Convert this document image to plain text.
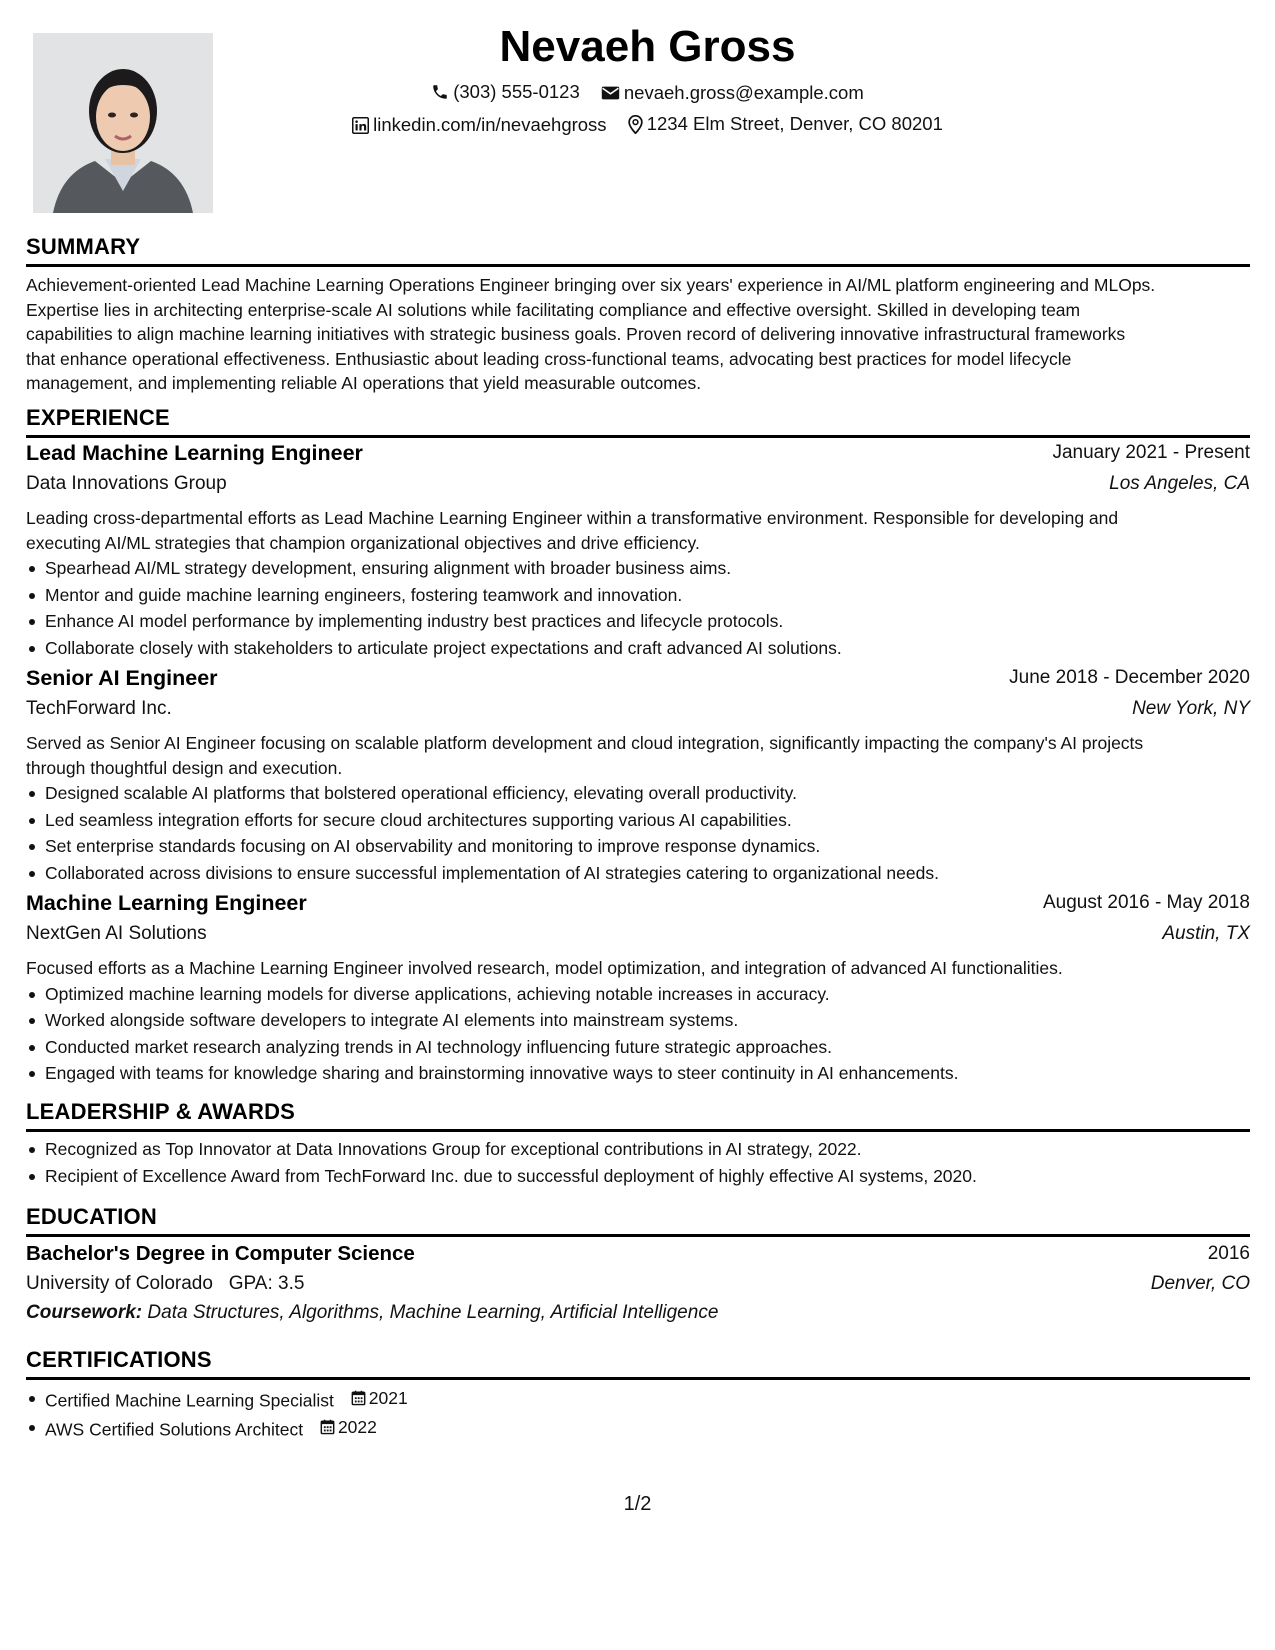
Nevaeh Gross
(303) 555-0123
nevaeh.gross@example.com
linkedin.com/in/nevaehgross
1234 Elm Street, Denver, CO 80201
SUMMARY
Achievement-oriented Lead Machine Learning Operations Engineer bringing over six years' experience in AI/ML platform engineering and MLOps.
Expertise lies in architecting enterprise-scale AI solutions while facilitating compliance and effective oversight. Skilled in developing team
capabilities to align machine learning initiatives with strategic business goals. Proven record of delivering innovative infrastructural frameworks
that enhance operational effectiveness. Enthusiastic about leading cross-functional teams, advocating best practices for model lifecycle
management, and implementing reliable AI operations that yield measurable outcomes.
EXPERIENCE
Lead Machine Learning Engineer	January 2021 - Present
Data Innovations Group	Los Angeles, CA
Leading cross-departmental efforts as Lead Machine Learning Engineer within a transformative environment. Responsible for developing and
executing AI/ML strategies that champion organizational objectives and drive efficiency.
Spearhead AI/ML strategy development, ensuring alignment with broader business aims.
Mentor and guide machine learning engineers, fostering teamwork and innovation.
Enhance AI model performance by implementing industry best practices and lifecycle protocols.
Collaborate closely with stakeholders to articulate project expectations and craft advanced AI solutions.
Senior AI Engineer	June 2018 - December 2020
TechForward Inc.	New York, NY
Served as Senior AI Engineer focusing on scalable platform development and cloud integration, significantly impacting the company's AI projects
through thoughtful design and execution.
Designed scalable AI platforms that bolstered operational efficiency, elevating overall productivity.
Led seamless integration efforts for secure cloud architectures supporting various AI capabilities.
Set enterprise standards focusing on AI observability and monitoring to improve response dynamics.
Collaborated across divisions to ensure successful implementation of AI strategies catering to organizational needs.
Machine Learning Engineer	August 2016 - May 2018
NextGen AI Solutions	Austin, TX
Focused efforts as a Machine Learning Engineer involved research, model optimization, and integration of advanced AI functionalities.
Optimized machine learning models for diverse applications, achieving notable increases in accuracy.
Worked alongside software developers to integrate AI elements into mainstream systems.
Conducted market research analyzing trends in AI technology influencing future strategic approaches.
Engaged with teams for knowledge sharing and brainstorming innovative ways to steer continuity in AI enhancements.
LEADERSHIP & AWARDS
Recognized as Top Innovator at Data Innovations Group for exceptional contributions in AI strategy, 2022.
Recipient of Excellence Award from TechForward Inc. due to successful deployment of highly effective AI systems, 2020.
EDUCATION
Bachelor's Degree in Computer Science	2016
University of Colorado GPA: 3.5	Denver, CO
Coursework: Data Structures, Algorithms, Machine Learning, Artificial Intelligence
CERTIFICATIONS
Certified Machine Learning Specialist 2021
AWS Certified Solutions Architect 2022
1/2
